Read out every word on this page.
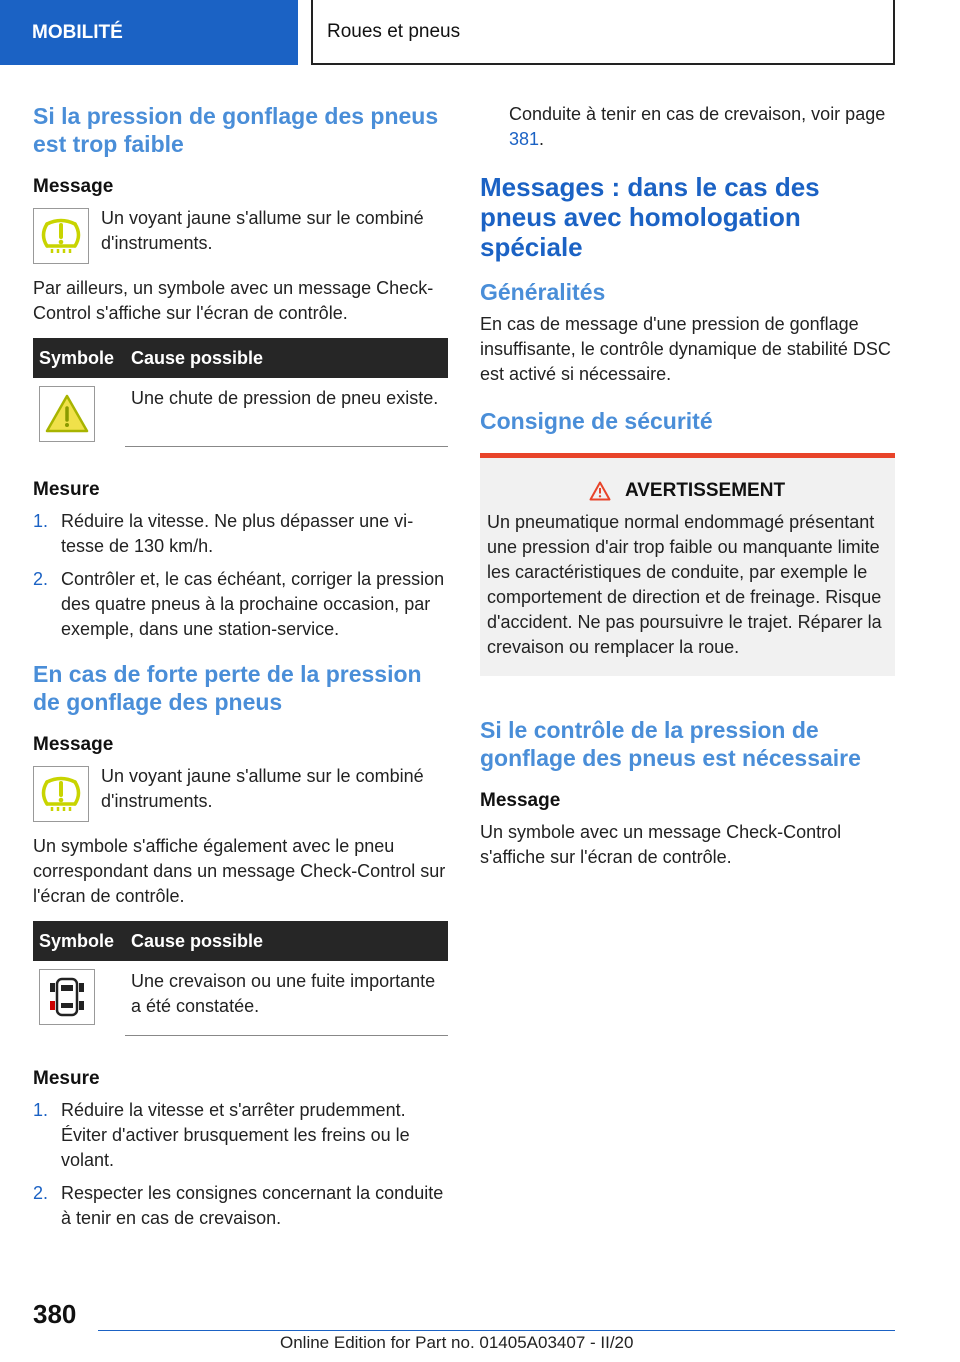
MOBILITÉ	Roues et pneus
Si la pression de gonflage des pneus est trop faible
Message
Un voyant jaune s'allume sur le combiné d'instruments.
Par ailleurs, un symbole avec un message Check-Control s'affiche sur l'écran de contrôle.
Symbole	Cause possible

	Une chute de pression de pneu existe.
Mesure
1. Réduire la vitesse. Ne plus dépasser une vitesse de 130 km/h.
2. Contrôler et, le cas échéant, corriger la pression des quatre pneus à la prochaine occasion, par exemple, dans une station-service.
En cas de forte perte de la pression de gonflage des pneus
Message
Un voyant jaune s'allume sur le combiné d'instruments.
Un symbole s'affiche également avec le pneu correspondant dans un message Check-Control sur l'écran de contrôle.
Symbole	Cause possible

	Une crevaison ou une fuite importante a été constatée.
Mesure
1. Réduire la vitesse et s'arrêter prudemment. Éviter d'activer brusquement les freins ou le volant.
2. Respecter les consignes concernant la conduite à tenir en cas de crevaison.
Conduite à tenir en cas de crevaison, voir page 381.
Messages : dans le cas des pneus avec homologation spéciale
Généralités
En cas de message d'une pression de gonflage insuffisante, le contrôle dynamique de stabilité DSC est activé si nécessaire.
Consigne de sécurité
AVERTISSEMENT
Un pneumatique normal endommagé présentant une pression d'air trop faible ou manquante limite les caractéristiques de conduite, par exemple le comportement de direction et de freinage. Risque d'accident. Ne pas poursuivre le trajet. Réparer la crevaison ou remplacer la roue.
Si le contrôle de la pression de gonflage des pneus est nécessaire
Message
Un symbole avec un message Check-Control s'affiche sur l'écran de contrôle.
380
Online Edition for Part no. 01405A03407 - II/20
